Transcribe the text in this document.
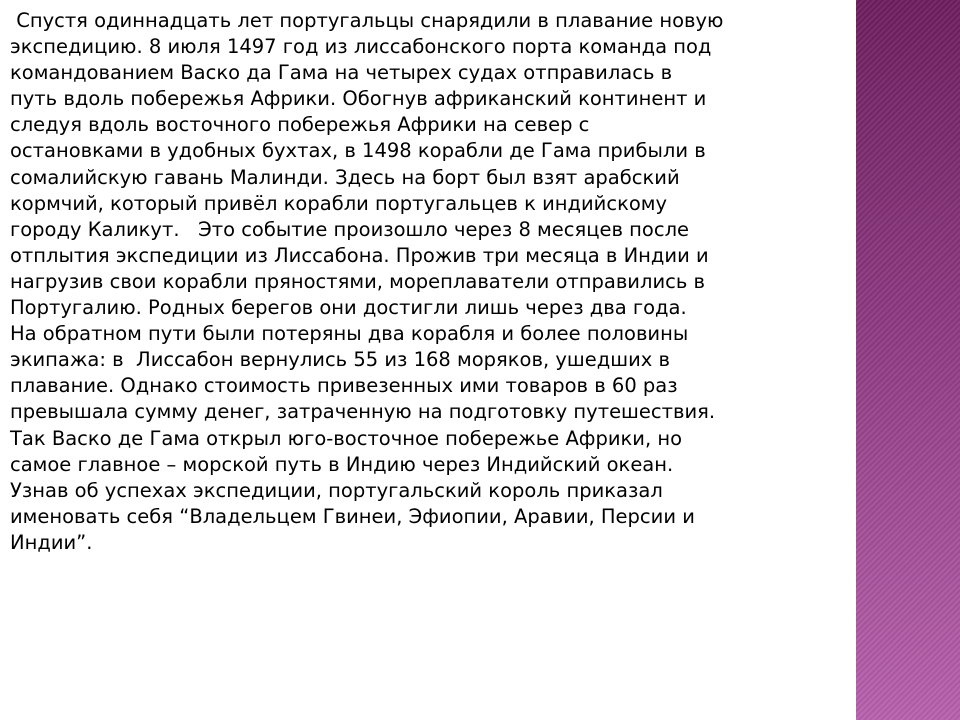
Спустя одиннадцать лет португальцы снарядили в плавание новую
экспедицию. 8 июля 1497 год из лиссабонского порта команда под
командованием Васко да Гама на четырех судах отправилась в
путь вдоль побережья Африки. Обогнув африканский континент и
следуя вдоль восточного побережья Африки на север с
остановками в удобных бухтах, в 1498 корабли де Гама прибыли в
сомалийскую гавань Малинди. Здесь на борт был взят арабский
кормчий, который привёл корабли португальцев к индийскому
городу Каликут.   Это событие произошло через 8 месяцев после
отплытия экспедиции из Лиссабона. Прожив три месяца в Индии и
нагрузив свои корабли пряностями, мореплаватели отправились в
Португалию. Родных берегов они достигли лишь через два года.
На обратном пути были потеряны два корабля и более половины
экипажа: в  Лиссабон вернулись 55 из 168 моряков, ушедших в
плавание. Однако стоимость привезенных ими товаров в 60 раз
превышала сумму денег, затраченную на подготовку путешествия.
Так Васко де Гама открыл юго-восточное побережье Африки, но
самое главное – морской путь в Индию через Индийский океан.
Узнав об успехах экспедиции, португальский король приказал
именовать себя “Владельцем Гвинеи, Эфиопии, Аравии, Персии и
Индии”.
